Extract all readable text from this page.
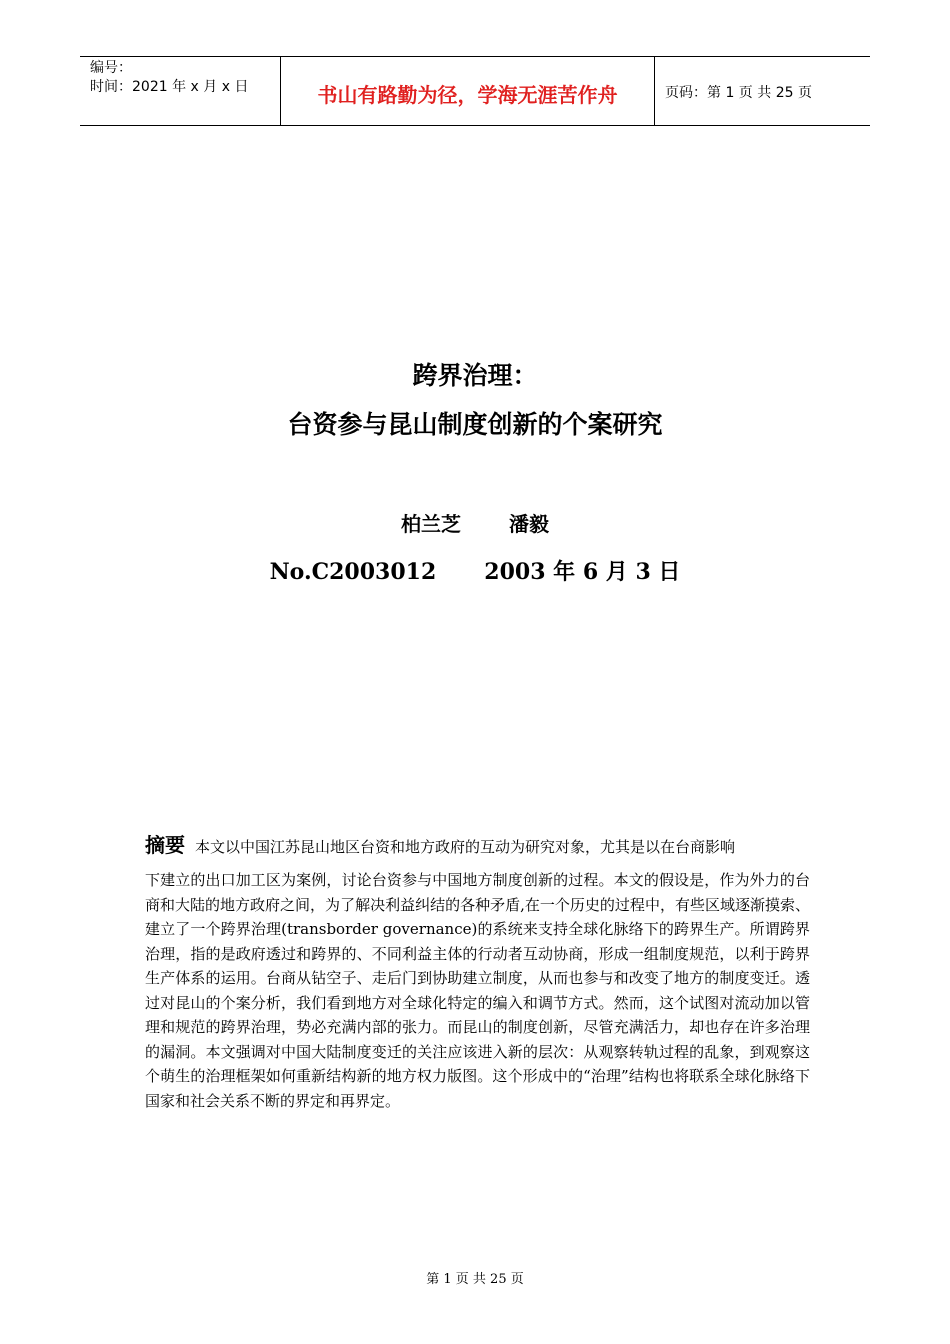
编号：
时间：2021 年 x 月 x 日	书山有路勤为径，学海无涯苦作舟	页码：第 1 页 共 25 页
跨界治理：
台资参与昆山制度创新的个案研究
柏兰芝 潘毅
No.C2003012 2003 年 6 月 3 日
摘要 本文以中国江苏昆山地区台资和地方政府的互动为研究对象，尤其是以在台商影响
下建立的出口加工区为案例，讨论台资参与中国地方制度创新的过程。本文的假设是，作为外力的台商和大陆的地方政府之间，为了解决利益纠结的各种矛盾,在一个历史的过程中，有些区域逐渐摸索、建立了一个跨界治理(transborder governance)的系统来支持全球化脉络下的跨界生产。所谓跨界治理，指的是政府透过和跨界的、不同利益主体的行动者互动协商，形成一组制度规范，以利于跨界生产体系的运用。台商从钻空子、走后门到协助建立制度，从而也参与和改变了地方的制度变迁。透过对昆山的个案分析，我们看到地方对全球化特定的编入和调节方式。然而，这个试图对流动加以管理和规范的跨界治理，势必充满内部的张力。而昆山的制度创新，尽管充满活力，却也存在许多治理的漏洞。本文强调对中国大陆制度变迁的关注应该进入新的层次：从观察转轨过程的乱象，到观察这个萌生的治理框架如何重新结构新的地方权力版图。这个形成中的“治理”结构也将联系全球化脉络下国家和社会关系不断的界定和再界定。
第 1 页 共 25 页
